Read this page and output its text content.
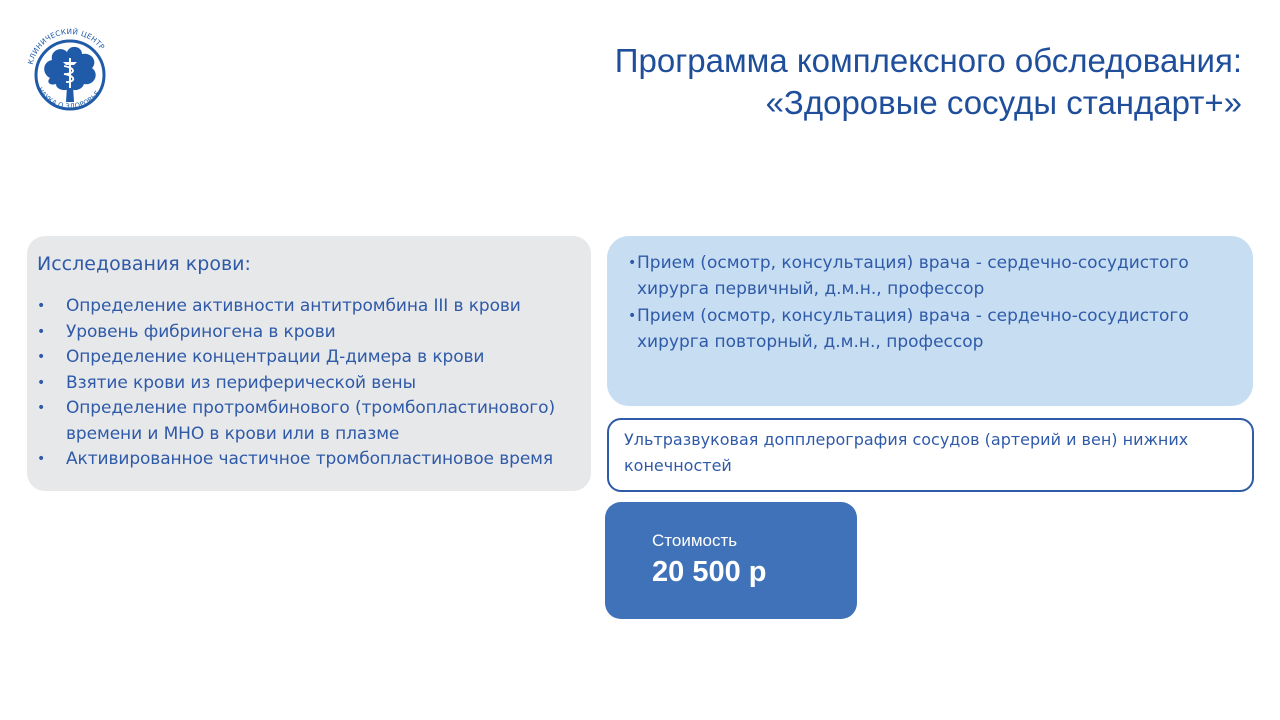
КЛИНИЧЕСКИЙ ЦЕНТР
НАУКА О ЗДОРОВЬЕ
Программа комплексного обследования:
«Здоровые сосуды стандарт+»
Исследования крови:
• Определение активности антитромбина III в крови
• Уровень фибриногена в крови
• Определение концентрации Д-димера в крови
• Взятие крови из периферической вены
• Определение протромбинового (тромбопластинового)
времени и МНО в крови или в плазме
• Активированное частичное тромбопластиновое время
• Прием (осмотр, консультация) врача - сердечно-сосудистого
хирурга первичный, д.м.н., профессор
• Прием (осмотр, консультация) врача - сердечно-сосудистого
хирурга повторный, д.м.н., профессор
Ультразвуковая допплерография сосудов (артерий и вен) нижних конечностей
Стоимость
20 500 р
